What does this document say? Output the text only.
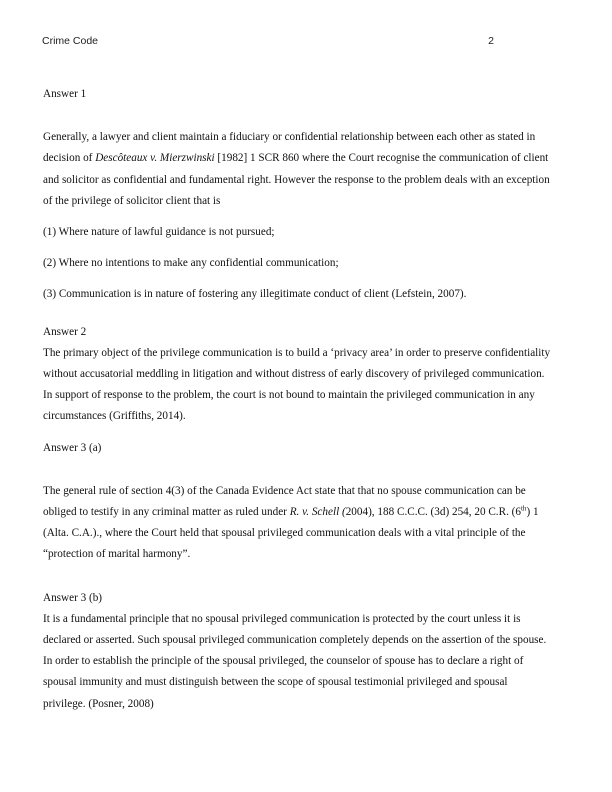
Crime Code	2

Answer 1

Generally, a lawyer and client maintain a fiduciary or confidential relationship between each other as stated in decision of Descôteaux v. Mierzwinski [1982] 1 SCR 860 where the Court recognise the communication of client and solicitor as confidential and fundamental right. However the response to the problem deals with an exception of the privilege of solicitor client that is

(1) Where nature of lawful guidance is not pursued;

(2) Where no intentions to make any confidential communication;

(3) Communication is in nature of fostering any illegitimate conduct of client (Lefstein, 2007).

Answer 2

The primary object of the privilege communication is to build a ‘privacy area’ in order to preserve confidentiality without accusatorial meddling in litigation and without distress of early discovery of privileged communication. In support of response to the problem, the court is not bound to maintain the privileged communication in any circumstances (Griffiths, 2014).

Answer 3 (a)

The general rule of section 4(3) of the Canada Evidence Act state that that no spouse communication can be obliged to testify in any criminal matter as ruled under R. v. Schell (2004), 188 C.C.C. (3d) 254, 20 C.R. (6th) 1 (Alta. C.A.)., where the Court held that spousal privileged communication deals with a vital principle of the “protection of marital harmony”.

Answer 3 (b)

It is a fundamental principle that no spousal privileged communication is protected by the court unless it is declared or asserted. Such spousal privileged communication completely depends on the assertion of the spouse. In order to establish the principle of the spousal privileged, the counselor of spouse has to declare a right of spousal immunity and must distinguish between the scope of spousal testimonial privileged and spousal privilege. (Posner, 2008)
